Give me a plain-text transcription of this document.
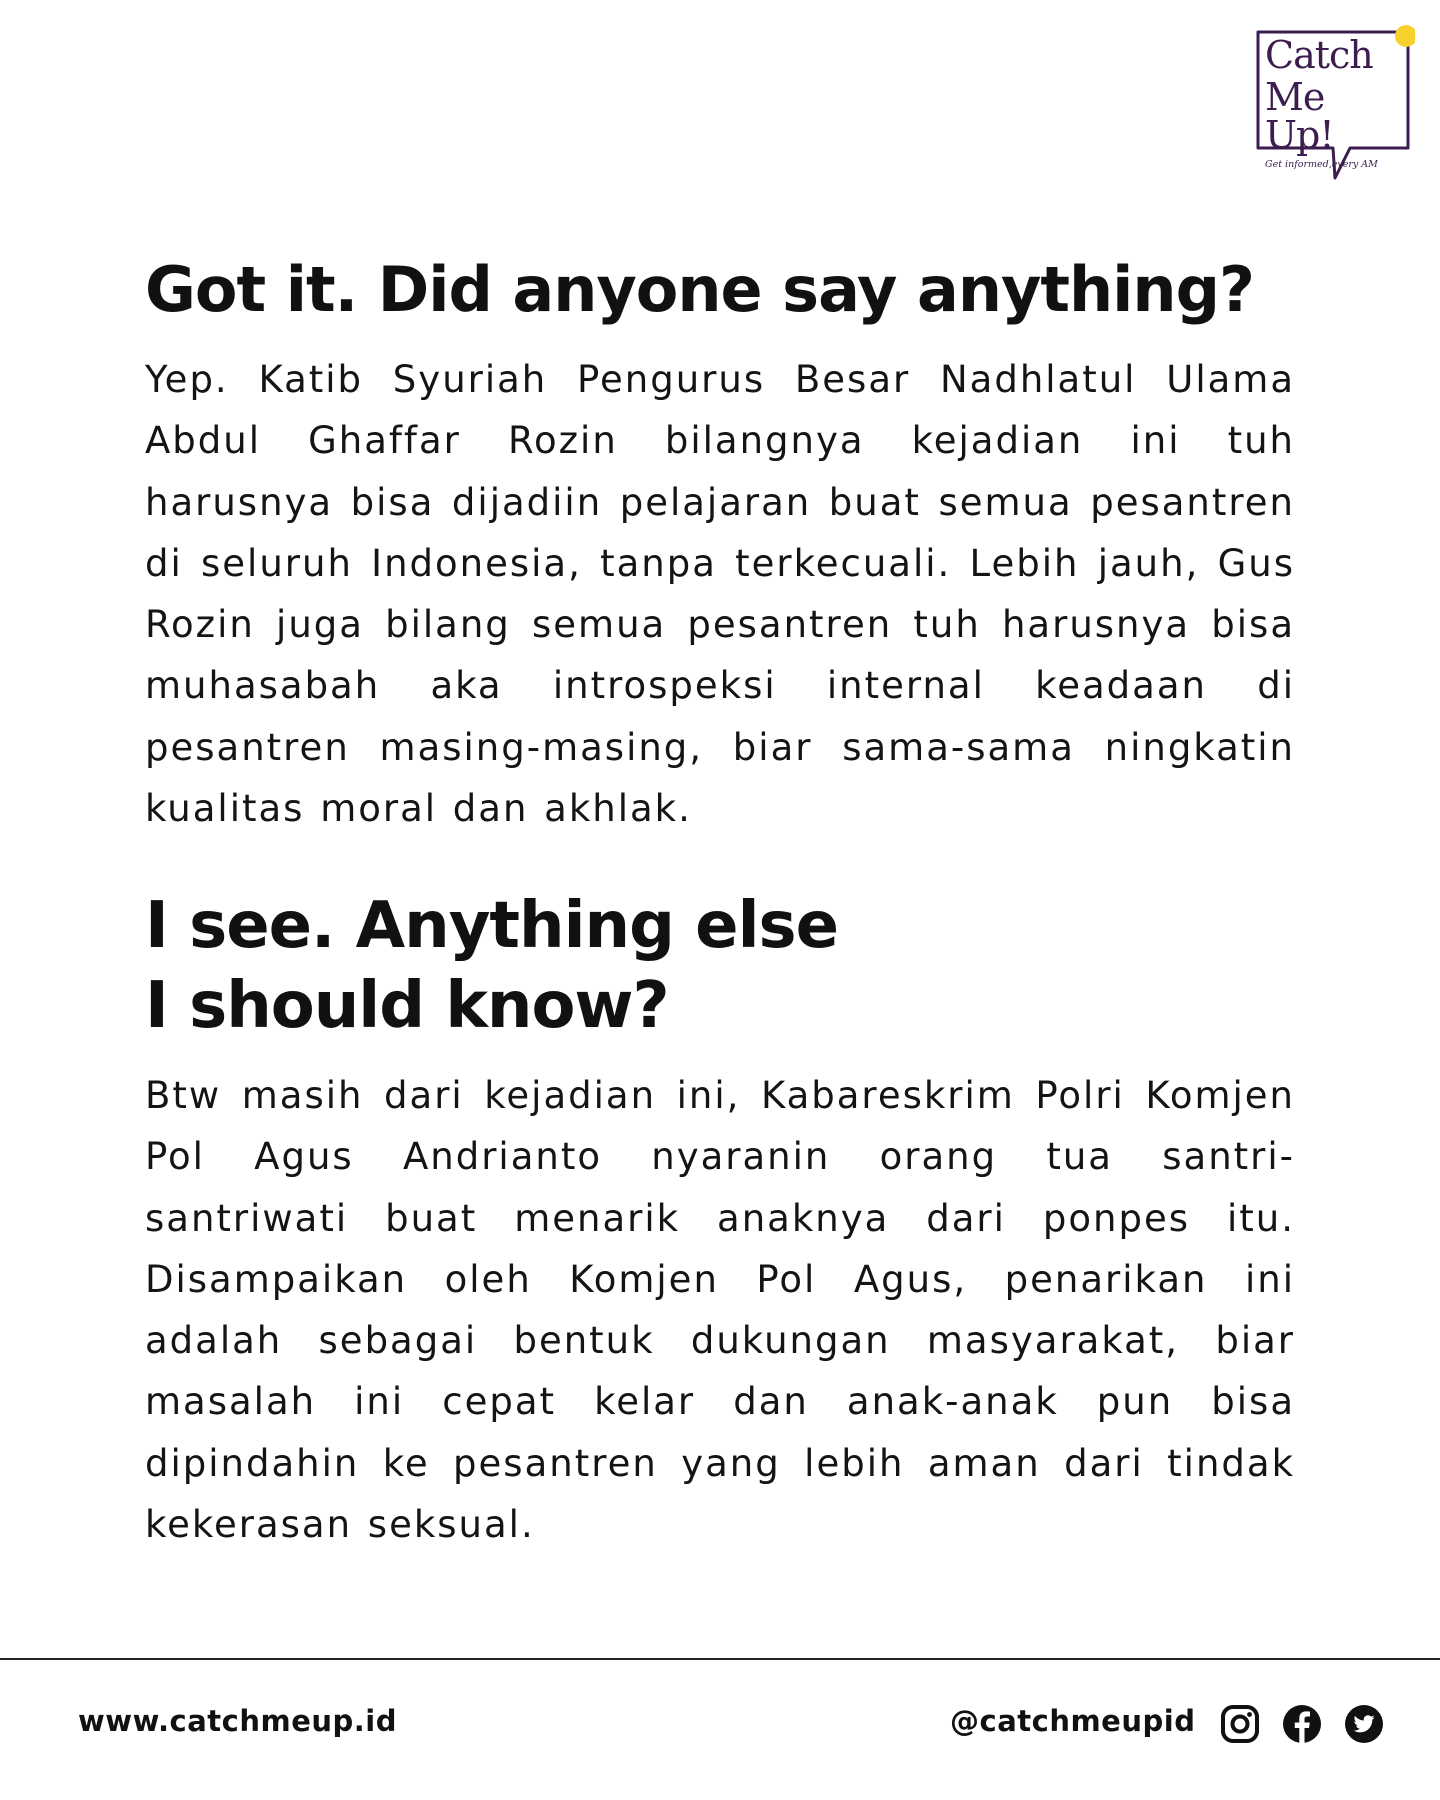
Catch
Me Up!
Get informed,every AM
Got it. Did anyone say anything?

Yep. Katib Syuriah Pengurus Besar Nadhlatul Ulama Abdul Ghaffar Rozin bilangnya kejadian ini tuh harusnya bisa dijadiin pelajaran buat semua pesantren di seluruh Indonesia, tanpa terkecuali. Lebih jauh, Gus Rozin juga bilang semua pesantren tuh harusnya bisa muhasabah aka introspeksi internal keadaan di pesantren masing-masing, biar sama-sama ningkatin kualitas moral dan akhlak.

I see. Anything else
I should know?

Btw masih dari kejadian ini, Kabareskrim Polri Komjen Pol Agus Andrianto nyaranin orang tua santri-santriwati buat menarik anaknya dari ponpes itu. Disampaikan oleh Komjen Pol Agus, penarikan ini adalah sebagai bentuk dukungan masyarakat, biar masalah ini cepat kelar dan anak-anak pun bisa dipindahin ke pesantren yang lebih aman dari tindak kekerasan seksual.

www.catchmeup.id	@catchmeupid
